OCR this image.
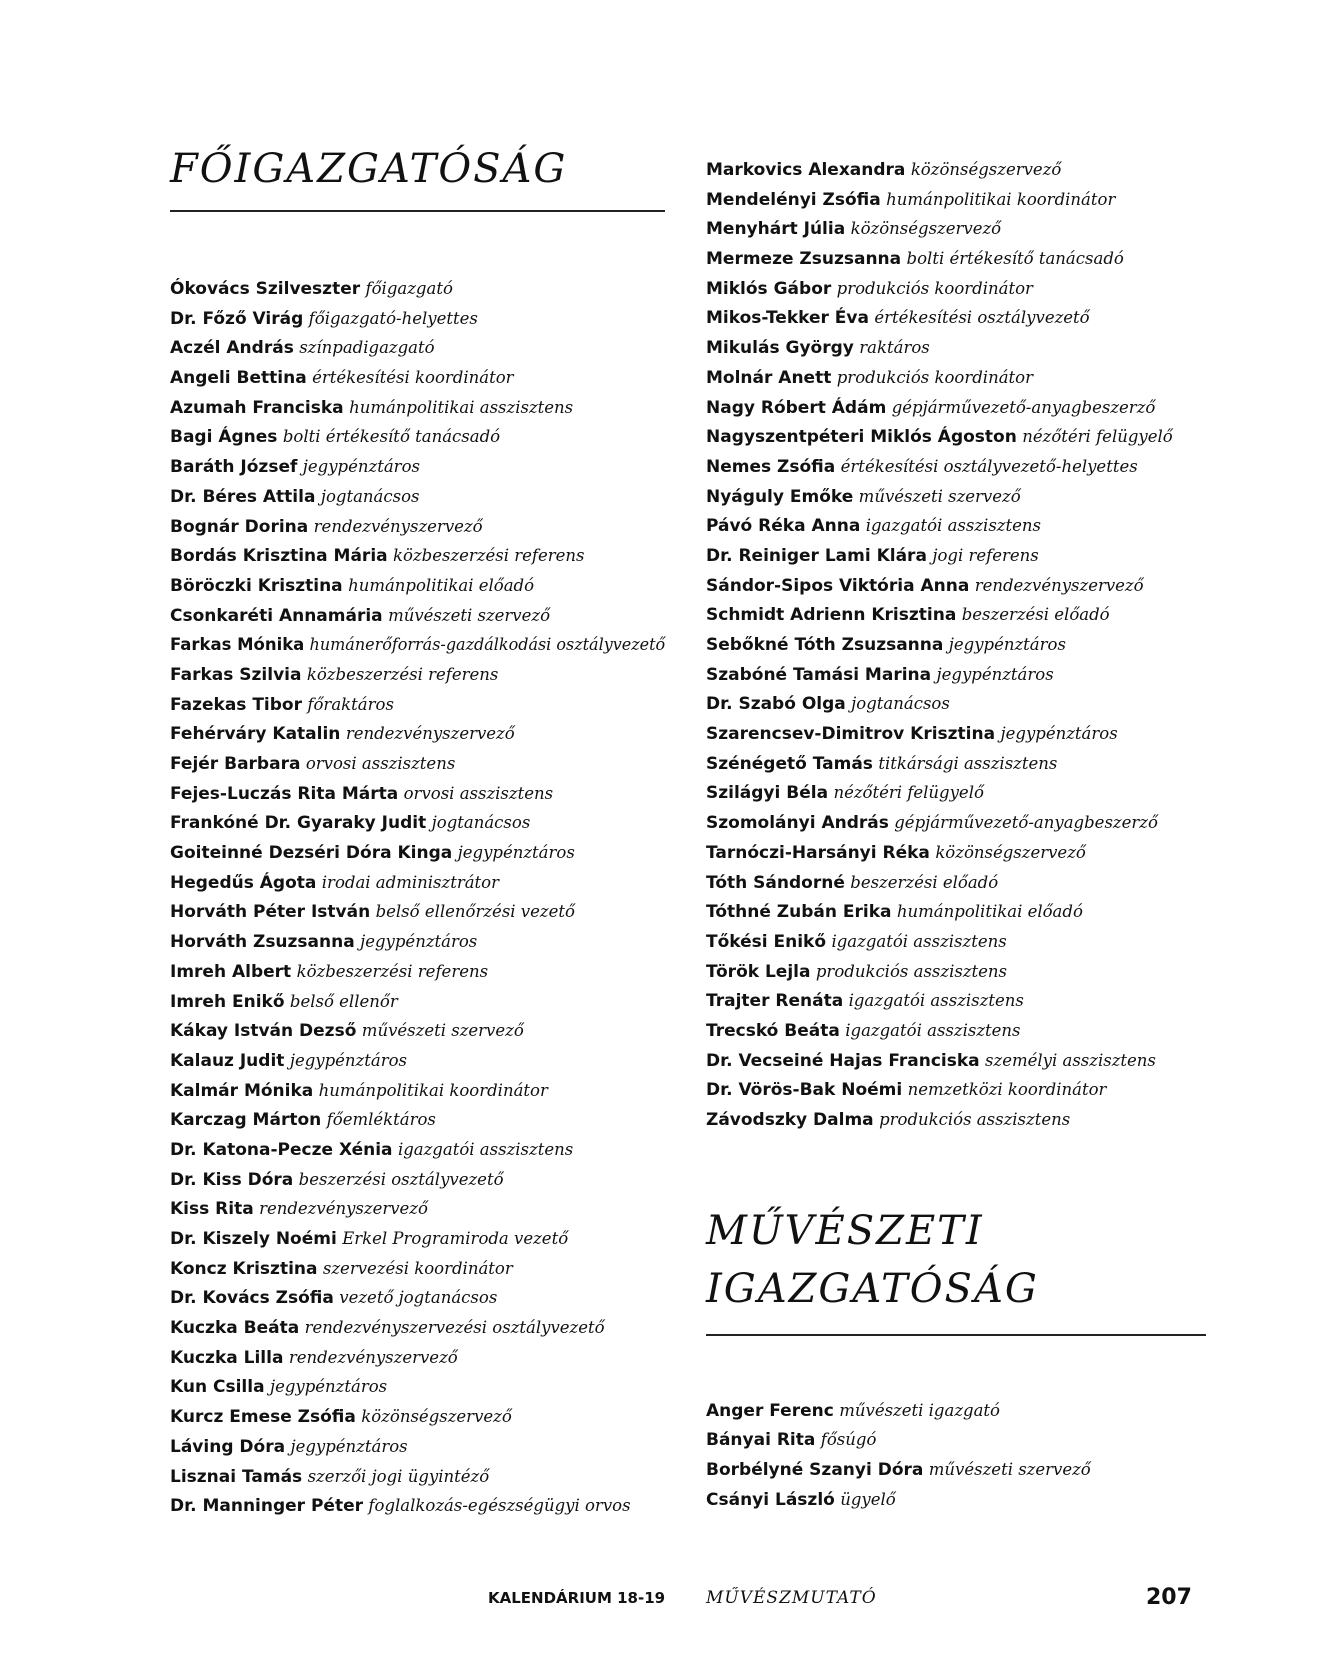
FŐIGAZGATÓSÁG
Ókovács Szilveszter főigazgató
Dr. Főző Virág főigazgató-helyettes
Aczél András színpadigazgató
Angeli Bettina értékesítési koordinátor
Azumah Franciska humánpolitikai asszisztens
Bagi Ágnes bolti értékesítő tanácsadó
Baráth József jegypénztáros
Dr. Béres Attila jogtanácsos
Bognár Dorina rendezvényszervező
Bordás Krisztina Mária közbeszerzési referens
Böröczki Krisztina humánpolitikai előadó
Csonkaréti Annamária művészeti szervező
Farkas Mónika humánerőforrás-gazdálkodási osztályvezető
Farkas Szilvia közbeszerzési referens
Fazekas Tibor főraktáros
Fehérváry Katalin rendezvényszervező
Fejér Barbara orvosi asszisztens
Fejes-Luczás Rita Márta orvosi asszisztens
Frankóné Dr. Gyaraky Judit jogtanácsos
Goiteinné Dezséri Dóra Kinga jegypénztáros
Hegedűs Ágota irodai adminisztrátor
Horváth Péter István belső ellenőrzési vezető
Horváth Zsuzsanna jegypénztáros
Imreh Albert közbeszerzési referens
Imreh Enikő belső ellenőr
Kákay István Dezső művészeti szervező
Kalauz Judit jegypénztáros
Kalmár Mónika humánpolitikai koordinátor
Karczag Márton főemléktáros
Dr. Katona-Pecze Xénia igazgatói asszisztens
Dr. Kiss Dóra beszerzési osztályvezető
Kiss Rita rendezvényszervező
Dr. Kiszely Noémi Erkel Programiroda vezető
Koncz Krisztina szervezési koordinátor
Dr. Kovács Zsófia vezető jogtanácsos
Kuczka Beáta rendezvényszervezési osztályvezető
Kuczka Lilla rendezvényszervező
Kun Csilla jegypénztáros
Kurcz Emese Zsófia közönségszervező
Láving Dóra jegypénztáros
Lisznai Tamás szerzői jogi ügyintéző
Dr. Manninger Péter foglalkozás-egészségügyi orvos
Markovics Alexandra közönségszervező
Mendelényi Zsófia humánpolitikai koordinátor
Menyhárt Júlia közönségszervező
Mermeze Zsuzsanna bolti értékesítő tanácsadó
Miklós Gábor produkciós koordinátor
Mikos-Tekker Éva értékesítési osztályvezető
Mikulás György raktáros
Molnár Anett produkciós koordinátor
Nagy Róbert Ádám gépjárművezető-anyagbeszerző
Nagyszentpéteri Miklós Ágoston nézőtéri felügyelő
Nemes Zsófia értékesítési osztályvezető-helyettes
Nyáguly Emőke művészeti szervező
Pávó Réka Anna igazgatói asszisztens
Dr. Reiniger Lami Klára jogi referens
Sándor-Sipos Viktória Anna rendezvényszervező
Schmidt Adrienn Krisztina beszerzési előadó
Sebőkné Tóth Zsuzsanna jegypénztáros
Szabóné Tamási Marina jegypénztáros
Dr. Szabó Olga jogtanácsos
Szarencsev-Dimitrov Krisztina jegypénztáros
Szénégető Tamás titkársági asszisztens
Szilágyi Béla nézőtéri felügyelő
Szomolányi András gépjárművezető-anyagbeszerző
Tarnóczi-Harsányi Réka közönségszervező
Tóth Sándorné beszerzési előadó
Tóthné Zubán Erika humánpolitikai előadó
Tőkési Enikő igazgatói asszisztens
Török Lejla produkciós asszisztens
Trajter Renáta igazgatói asszisztens
Trecskó Beáta igazgatói asszisztens
Dr. Vecseiné Hajas Franciska személyi asszisztens
Dr. Vörös-Bak Noémi nemzetközi koordinátor
Závodszky Dalma produkciós asszisztens
MŰVÉSZETI
IGAZGATÓSÁG
Anger Ferenc művészeti igazgató
Bányai Rita fősúgó
Borbélyné Szanyi Dóra művészeti szervező
Csányi László ügyelő
KALENDÁRIUM 18-19 MŰVÉSZMUTATÓ	207
